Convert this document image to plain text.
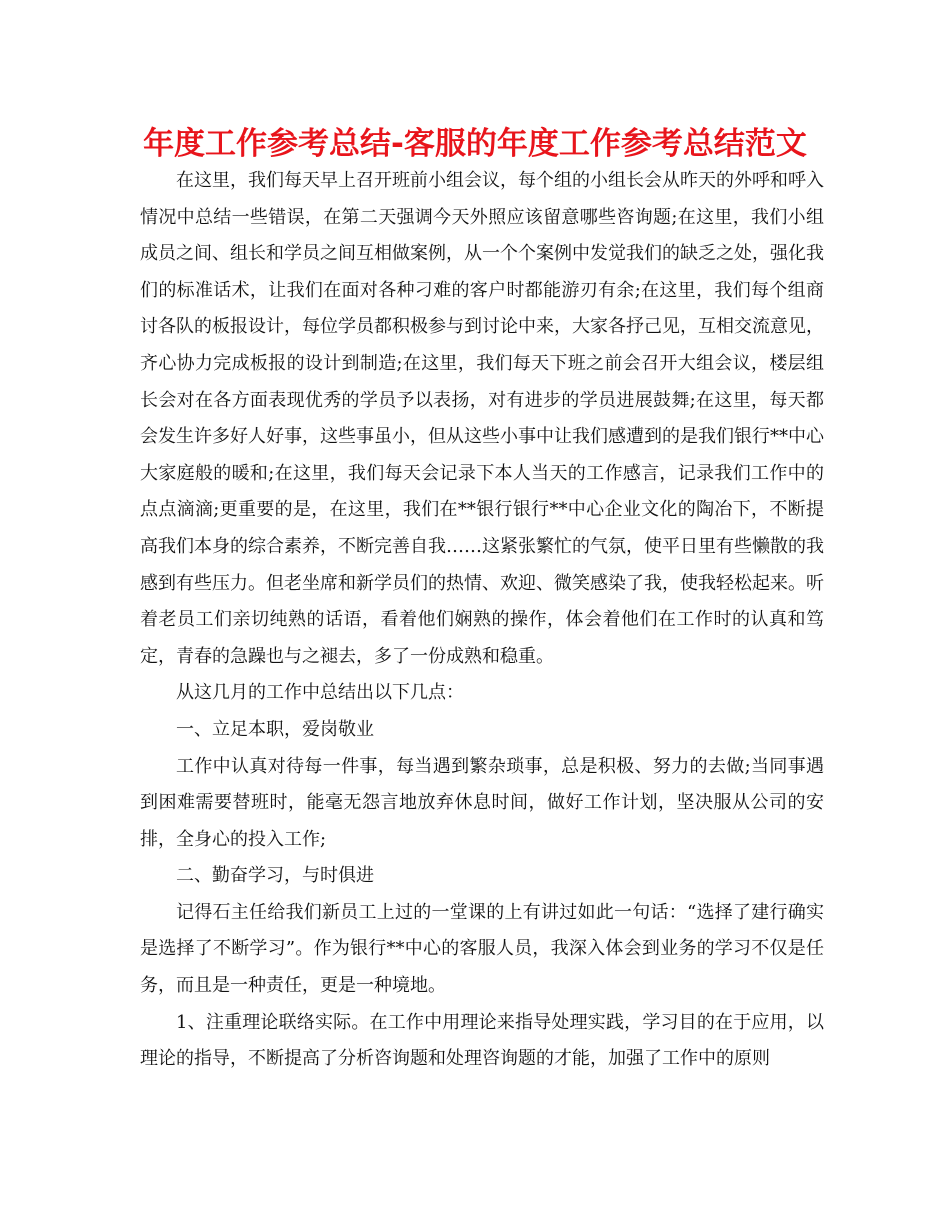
年度工作参考总结-客服的年度工作参考总结范文

在这里，我们每天早上召开班前小组会议，每个组的小组长会从昨天的外呼和呼入情况中总结一些错误，在第二天强调今天外照应该留意哪些咨询题;在这里，我们小组成员之间、组长和学员之间互相做案例，从一个个案例中发觉我们的缺乏之处，强化我们的标准话术，让我们在面对各种刁难的客户时都能游刃有余;在这里，我们每个组商讨各队的板报设计，每位学员都积极参与到讨论中来，大家各抒己见，互相交流意见，齐心协力完成板报的设计到制造;在这里，我们每天下班之前会召开大组会议，楼层组长会对在各方面表现优秀的学员予以表扬，对有进步的学员进展鼓舞;在这里，每天都会发生许多好人好事，这些事虽小，但从这些小事中让我们感遭到的是我们银行**中心大家庭般的暖和;在这里，我们每天会记录下本人当天的工作感言，记录我们工作中的点点滴滴;更重要的是，在这里，我们在**银行银行**中心企业文化的陶冶下，不断提高我们本身的综合素养，不断完善自我……这紧张繁忙的气氛，使平日里有些懒散的我感到有些压力。但老坐席和新学员们的热情、欢迎、微笑感染了我，使我轻松起来。听着老员工们亲切纯熟的话语，看着他们娴熟的操作，体会着他们在工作时的认真和笃定，青春的急躁也与之褪去，多了一份成熟和稳重。

从这几月的工作中总结出以下几点：

一、立足本职，爱岗敬业

工作中认真对待每一件事，每当遇到繁杂琐事，总是积极、努力的去做;当同事遇到困难需要替班时，能毫无怨言地放弃休息时间，做好工作计划，坚决服从公司的安排，全身心的投入工作;

二、勤奋学习，与时俱进

记得石主任给我们新员工上过的一堂课的上有讲过如此一句话：“选择了建行确实是选择了不断学习”。作为银行**中心的客服人员，我深入体会到业务的学习不仅是任务，而且是一种责任，更是一种境地。

1、注重理论联络实际。在工作中用理论来指导处理实践，学习目的在于应用，以理论的指导，不断提高了分析咨询题和处理咨询题的才能，加强了工作中的原则
